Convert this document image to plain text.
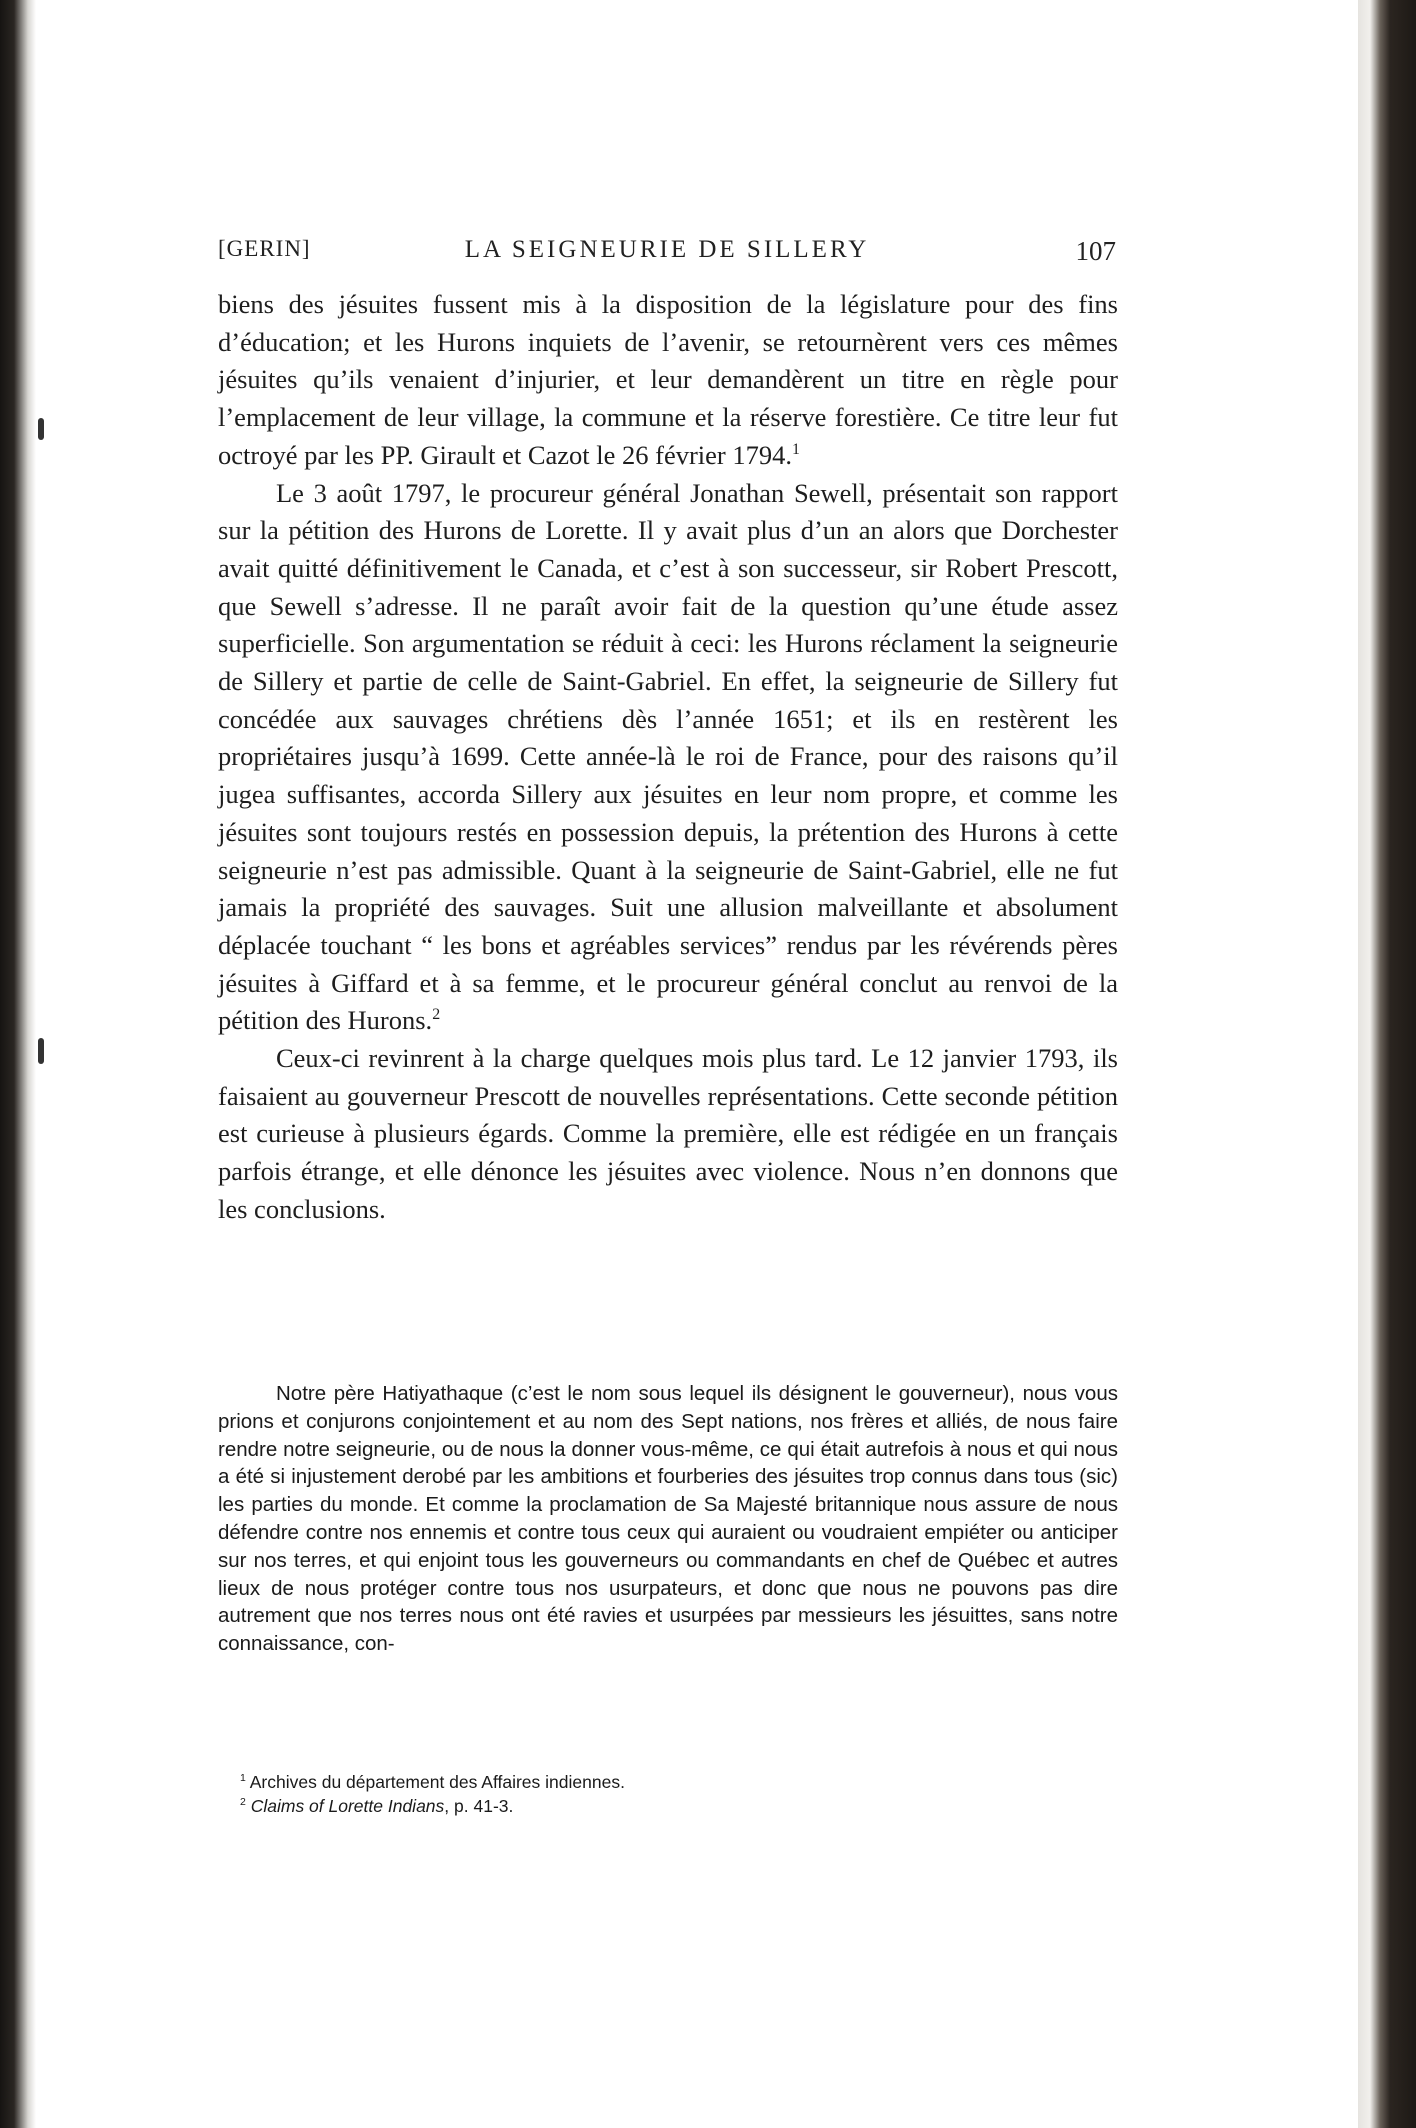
[GERIN]	LA SEIGNEURIE DE SILLERY	107

biens des jésuites fussent mis à la disposition de la législature pour des fins d’éducation; et les Hurons inquiets de l’avenir, se retournèrent vers ces mêmes jésuites qu’ils venaient d’injurier, et leur demandèrent un titre en règle pour l’emplacement de leur village, la commune et la réserve forestière. Ce titre leur fut octroyé par les PP. Girault et Cazot le 26 février 1794.$^1$

Le 3 août 1797, le procureur général Jonathan Sewell, présentait son rapport sur la pétition des Hurons de Lorette. Il y avait plus d’un an alors que Dorchester avait quitté définitivement le Canada, et c’est à son successeur, sir Robert Prescott, que Sewell s’adresse. Il ne paraît avoir fait de la question qu’une étude assez superficielle. Son argumentation se réduit à ceci: les Hurons réclament la seigneurie de Sillery et partie de celle de Saint-Gabriel. En effet, la seigneurie de Sillery fut concédée aux sauvages chrétiens dès l’année 1651; et ils en restèrent les propriétaires jusqu’à 1699. Cette année-là le roi de France, pour des raisons qu’il jugea suffisantes, accorda Sillery aux jésuites en leur nom propre, et comme les jésuites sont toujours restés en possession depuis, la prétention des Hurons à cette seigneurie n’est pas admissible. Quant à la seigneurie de Saint-Gabriel, elle ne fut jamais la propriété des sauvages. Suit une allusion malveillante et absolument déplacée touchant “ les bons et agréables services” rendus par les révérends pères jésuites à Giffard et à sa femme, et le procureur général conclut au renvoi de la pétition des Hurons.$^2$

Ceux-ci revinrent à la charge quelques mois plus tard. Le 12 janvier 1793, ils faisaient au gouverneur Prescott de nouvelles représentations. Cette seconde pétition est curieuse à plusieurs égards. Comme la première, elle est rédigée en un français parfois étrange, et elle dénonce les jésuites avec violence. Nous n’en donnons que les conclusions.

Notre père Hatiyathaque (c’est le nom sous lequel ils désignent le gouverneur), nous vous prions et conjurons conjointement et au nom des Sept nations, nos frères et alliés, de nous faire rendre notre seigneurie, ou de nous la donner vous-même, ce qui était autrefois à nous et qui nous a été si injustement derobé par les ambitions et fourberies des jésuites trop connus dans tous (sic) les parties du monde. Et comme la proclamation de Sa Majesté britannique nous assure de nous défendre contre nos ennemis et contre tous ceux qui auraient ou voudraient empiéter ou anticiper sur nos terres, et qui enjoint tous les gouverneurs ou commandants en chef de Québec et autres lieux de nous protéger contre tous nos usurpateurs, et donc que nous ne pouvons pas dire autrement que nos terres nous ont été ravies et usurpées par messieurs les jésuittes, sans notre connaissance, con-

$^1$ Archives du département des Affaires indiennes.

$^2$ Claims of Lorette Indians, p. 41-3.
